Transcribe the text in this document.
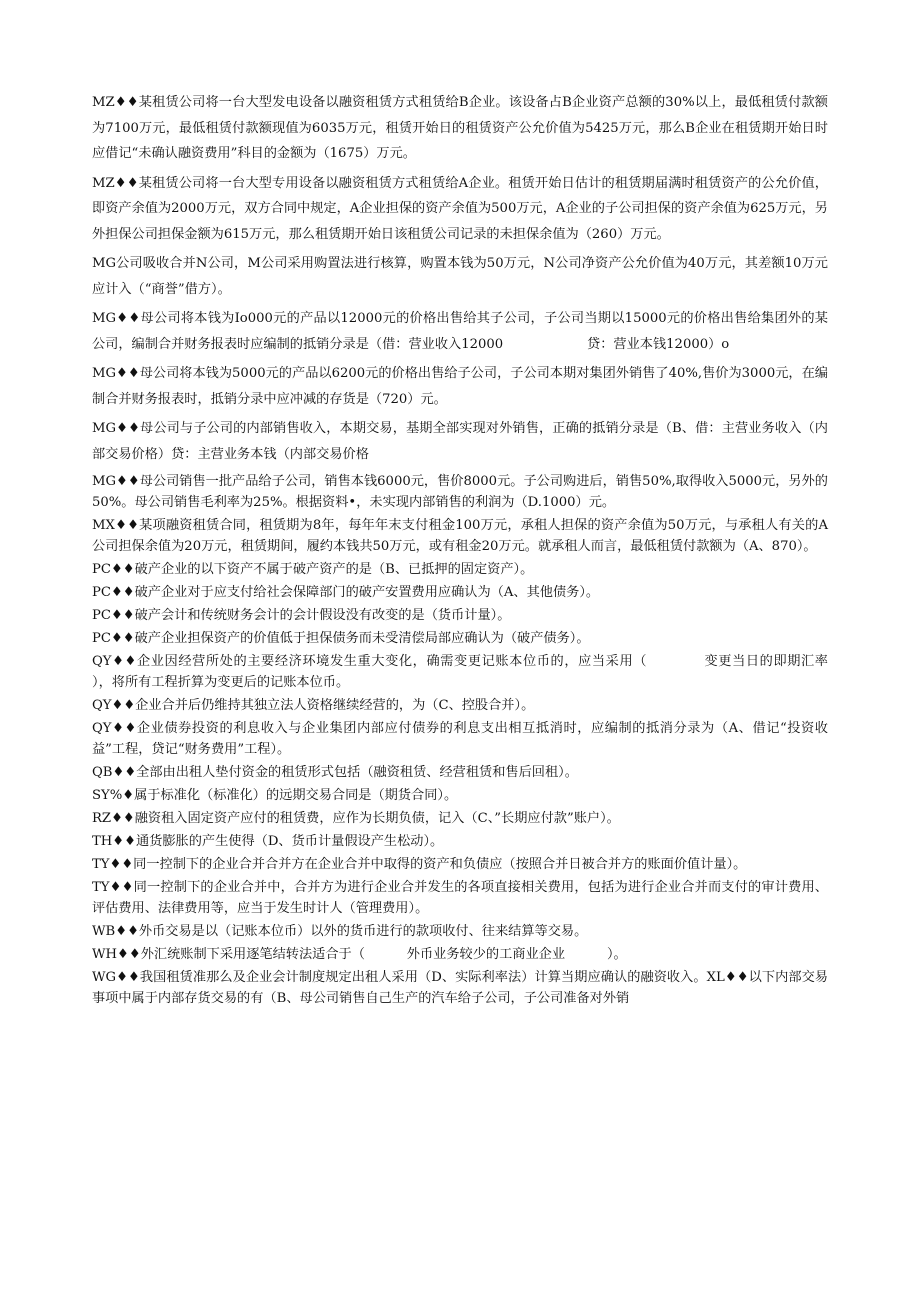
MZ♦♦某租赁公司将一台大型发电设备以融资租赁方式租赁给B企业。该设备占B企业资产总额的30%以上，最低租赁付款额为7100万元，最低租赁付款额现值为6035万元，租赁开始日的租赁资产公允价值为5425万元，那么B企业在租赁期开始日时应借记“未确认融资费用”科目的金额为（1675）万元。

MZ♦♦某租赁公司将一台大型专用设备以融资租赁方式租赁给A企业。租赁开始日估计的租赁期届满时租赁资产的公允价值，即资产余值为2000万元，双方合同中规定，A企业担保的资产余值为500万元，A企业的子公司担保的资产余值为625万元，另外担保公司担保金额为615万元，那么租赁期开始日该租赁公司记录的未担保余值为（260）万元。

MG公司吸收合并N公司，M公司采用购置法进行核算，购置本钱为50万元，N公司净资产公允价值为40万元，其差额10万元应计入（“商誉”借方）。

MG♦♦母公司将本钱为Io000元的产品以12000元的价格出售给其子公司，子公司当期以15000元的价格出售给集团外的某公司，编制合并财务报表时应编制的抵销分录是（借：营业收入12000                    贷：营业本钱12000）o

MG♦♦母公司将本钱为5000元的产品以6200元的价格出售给子公司，子公司本期对集团外销售了40%,售价为3000元，在编制合并财务报表时，抵销分录中应冲减的存货是（720）元。

MG♦♦母公司与子公司的内部销售收入，本期交易，基期全部实现对外销售，正确的抵销分录是（B、借：主营业务收入（内部交易价格）贷：主营业务本钱（内部交易价格

MG♦♦母公司销售一批产品给子公司，销售本钱6000元，售价8000元。子公司购进后，销售50%,取得收入5000元，另外的50%。母公司销售毛利率为25%。根据资料•，未实现内部销售的利润为（D.1000）元。

MX♦♦某项融资租赁合同，租赁期为8年，每年年末支付租金100万元，承租人担保的资产余值为50万元，与承租人有关的A公司担保余值为20万元，租赁期间，履约本钱共50万元，或有租金20万元。就承租人而言，最低租赁付款额为（A、870）。

PC♦♦破产企业的以下资产不属于破产资产的是（B、已抵押的固定资产）。

PC♦♦破产企业对于应支付给社会保障部门的破产安置费用应确认为（A、其他债务）。

PC♦♦破产会计和传统财务会计的会计假设没有改变的是（货币计量）。

PC♦♦破产企业担保资产的价值低于担保债务而未受清偿局部应确认为（破产债务）。

QY♦♦企业因经营所处的主要经济环境发生重大变化，确需变更记账本位币的，应当采用（            变更当日的即期汇率        ），将所有工程折算为变更后的记账本位币。

QY♦♦企业合并后仍维持其独立法人资格继续经营的，为（C、控股合并）。

QY♦♦企业债券投资的利息收入与企业集团内部应付债券的利息支出相互抵消时，应编制的抵消分录为（A、借记“投资收益”工程，贷记“财务费用”工程）。

QB♦♦全部由出租人垫付资金的租赁形式包括（融资租赁、经营租赁和售后回租）。

SY%♦属于标准化（标准化）的远期交易合同是（期货合同）。

RZ♦♦融资租入固定资产应付的租赁费，应作为长期负债，记入（C、”长期应付款”账户）。

TH♦♦通货膨胀的产生使得（D、货币计量假设产生松动）。

TY♦♦同一控制下的企业合并合并方在企业合并中取得的资产和负债应（按照合并日被合并方的账面价值计量）。

TY♦♦同一控制下的企业合并中，合并方为进行企业合并发生的各项直接相关费用，包括为进行企业合并而支付的审计费用、评估费用、法律费用等，应当于发生时计人（管理费用）。

WB♦♦外币交易是以（记账本位币）以外的货币进行的款项收付、往来结算等交易。

WH♦♦外汇统账制下采用逐笔结转法适合于（          外币业务较少的工商业企业          ）。

WG♦♦我国租赁准那么及企业会计制度规定出租人采用（D、实际利率法）计算当期应确认的融资收入。XL♦♦以下内部交易事项中属于内部存货交易的有（B、母公司销售自己生产的汽车给子公司，子公司准备对外销
